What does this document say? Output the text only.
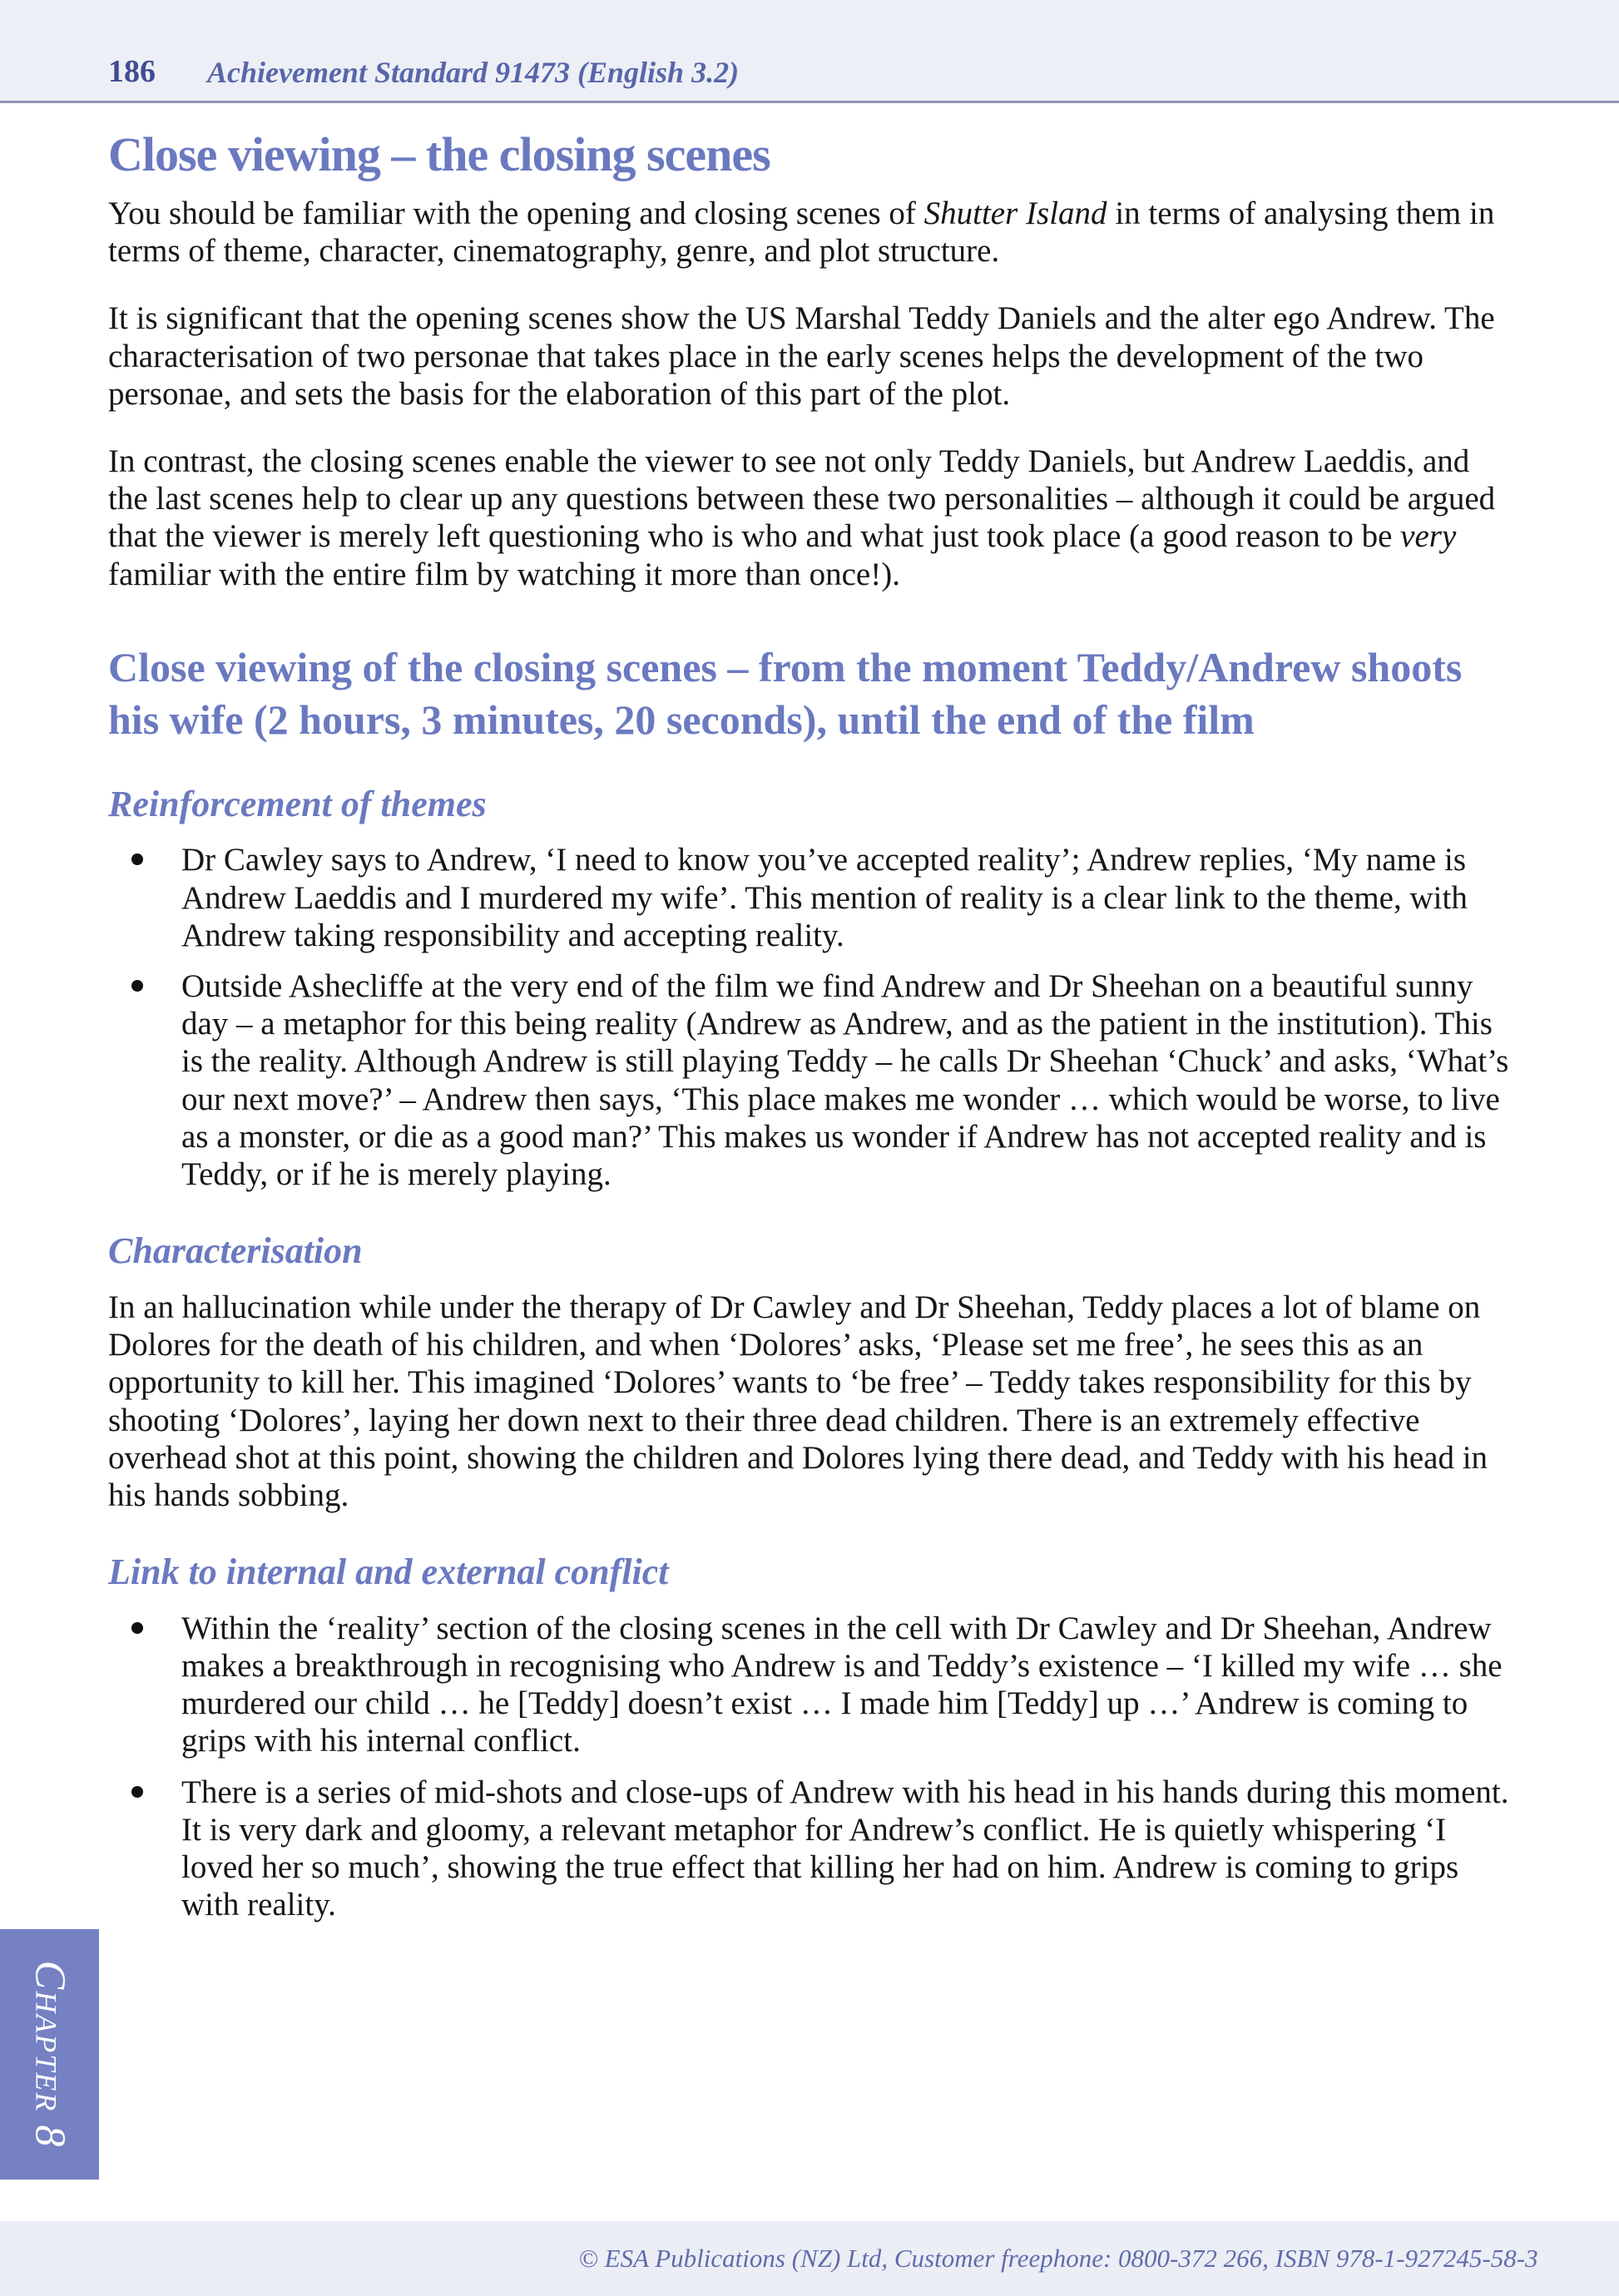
186 Achievement Standard 91473 (English 3.2)
Close viewing – the closing scenes

You should be familiar with the opening and closing scenes of Shutter Island in terms of analysing them in terms of theme, character, cinematography, genre, and plot structure.

It is significant that the opening scenes show the US Marshal Teddy Daniels and the alter ego Andrew. The characterisation of two personae that takes place in the early scenes helps the development of the two personae, and sets the basis for the elaboration of this part of the plot.

In contrast, the closing scenes enable the viewer to see not only Teddy Daniels, but Andrew Laeddis, and the last scenes help to clear up any questions between these two personalities – although it could be argued that the viewer is merely left questioning who is who and what just took place (a good reason to be very familiar with the entire film by watching it more than once!).

Close viewing of the closing scenes – from the moment Teddy/Andrew shoots his wife (2 hours, 3 minutes, 20 seconds), until the end of the film
Reinforcement of themes
Dr Cawley says to Andrew, ‘I need to know you’ve accepted reality’; Andrew replies, ‘My name is Andrew Laeddis and I murdered my wife’. This mention of reality is a clear link to the theme, with Andrew taking responsibility and accepting reality.
Outside Ashecliffe at the very end of the film we find Andrew and Dr Sheehan on a beautiful sunny day – a metaphor for this being reality (Andrew as Andrew, and as the patient in the institution). This is the reality. Although Andrew is still playing Teddy – he calls Dr Sheehan ‘Chuck’ and asks, ‘What’s our next move?’ – Andrew then says, ‘This place makes me wonder … which would be worse, to live as a monster, or die as a good man?’ This makes us wonder if Andrew has not accepted reality and is Teddy, or if he is merely playing.
Characterisation

In an hallucination while under the therapy of Dr Cawley and Dr Sheehan, Teddy places a lot of blame on Dolores for the death of his children, and when ‘Dolores’ asks, ‘Please set me free’, he sees this as an opportunity to kill her. This imagined ‘Dolores’ wants to ‘be free’ – Teddy takes responsibility for this by shooting ‘Dolores’, laying her down next to their three dead children. There is an extremely effective overhead shot at this point, showing the children and Dolores lying there dead, and Teddy with his head in his hands sobbing.

Link to internal and external conflict
Within the ‘reality’ section of the closing scenes in the cell with Dr Cawley and Dr Sheehan, Andrew makes a breakthrough in recognising who Andrew is and Teddy’s existence – ‘I killed my wife … she murdered our child … he [Teddy] doesn’t exist … I made him [Teddy] up …’ Andrew is coming to grips with his internal conflict.
There is a series of mid-shots and close-ups of Andrew with his head in his hands during this moment. It is very dark and gloomy, a relevant metaphor for Andrew’s conflict. He is quietly whispering ‘I loved her so much’, showing the true effect that killing her had on him. Andrew is coming to grips with reality.
Chapter 8
© ESA Publications (NZ) Ltd, Customer freephone: 0800-372 266, ISBN 978-1-927245-58-3
